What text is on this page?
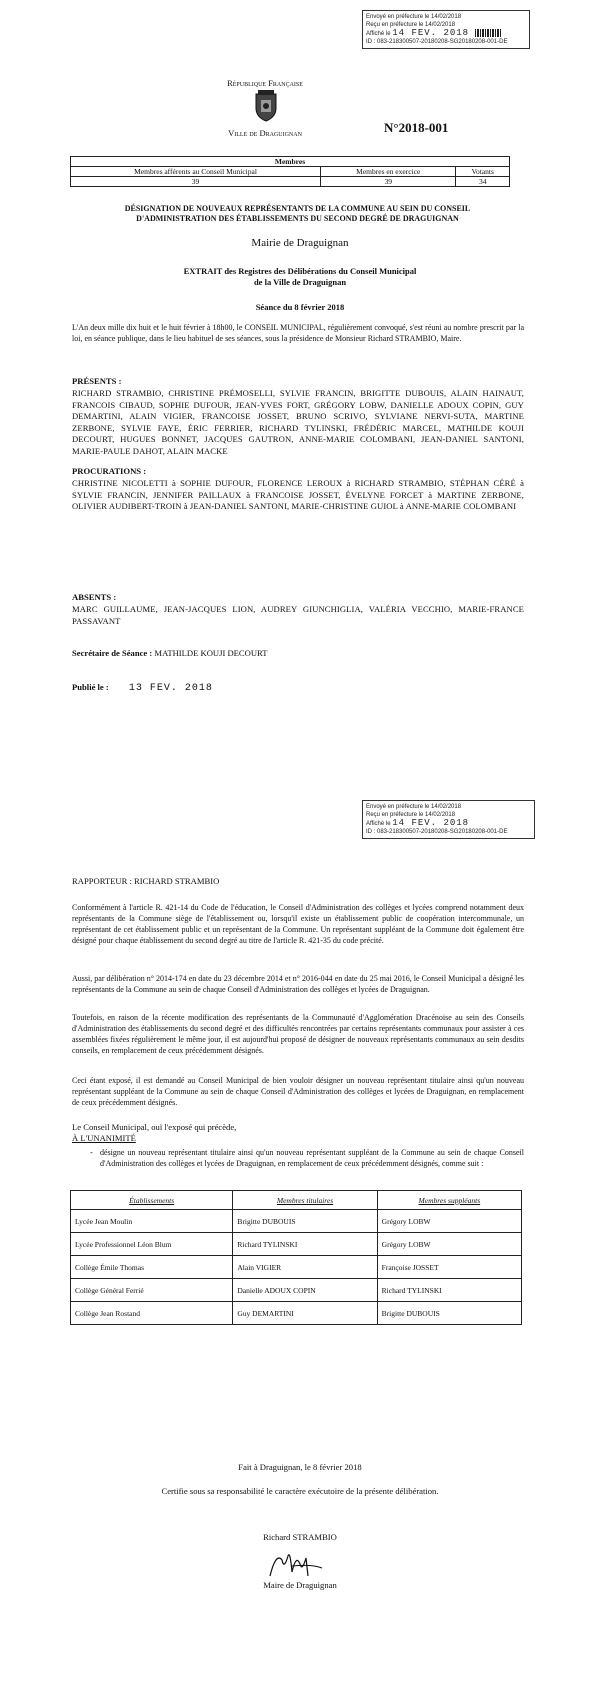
Envoyé en préfecture le 14/02/2018
Reçu en préfecture le 14/02/2018
Affiché le 14 FEV. 2018
ID : 083-218300507-20180208-SG20180208-001-DE
République Française
Ville de Draguignan	N°2018-001
Membres		
Membres afférents au Conseil Municipal	Membres en exercice	Votants
39	39	34
DÉSIGNATION DE NOUVEAUX REPRÉSENTANTS DE LA COMMUNE AU SEIN DU CONSEIL
D'ADMINISTRATION DES ÉTABLISSEMENTS DU SECOND DEGRÉ DE DRAGUIGNAN
Mairie de Draguignan
EXTRAIT des Registres des Délibérations du Conseil Municipal
de la Ville de Draguignan
Séance du 8 février 2018
L'An deux mille dix huit et le huit février à 18h00, le CONSEIL MUNICIPAL, régulièrement convoqué, s'est réuni au nombre prescrit par la loi, en séance publique, dans le lieu habituel de ses séances, sous la présidence de Monsieur Richard STRAMBIO, Maire.
PRÉSENTS :
RICHARD STRAMBIO, CHRISTINE PRÉMOSELLI, SYLVIE FRANCIN, BRIGITTE DUBOUIS, ALAIN HAINAUT, FRANCOIS CIBAUD, SOPHIE DUFOUR, JEAN-YVES FORT, GRÉGORY LOBW, DANIELLE ADOUX COPIN, GUY DEMARTINI, ALAIN VIGIER, FRANCOISE JOSSET, BRUNO SCRIVO, SYLVIANE NERVI-SUTA, MARTINE ZERBONE, SYLVIE FAYE, ÉRIC FERRIER, RICHARD TYLINSKI, FRÉDÉRIC MARCEL, MATHILDE KOUJI DECOURT, HUGUES BONNET, JACQUES GAUTRON, ANNE-MARIE COLOMBANI, JEAN-DANIEL SANTONI, MARIE-PAULE DAHOT, ALAIN MACKE
PROCURATIONS :
CHRISTINE NICOLETTI à SOPHIE DUFOUR, FLORENCE LEROUX à RICHARD STRAMBIO, STÉPHAN CÉRÉ à SYLVIE FRANCIN, JENNIFER PAILLAUX à FRANCOISE JOSSET, ÉVELYNE FORCET à MARTINE ZERBONE, OLIVIER AUDIBERT-TROIN à JEAN-DANIEL SANTONI, MARIE-CHRISTINE GUIOL à ANNE-MARIE COLOMBANI
ABSENTS :
MARC GUILLAUME, JEAN-JACQUES LION, AUDREY GIUNCHIGLIA, VALÉRIA VECCHIO, MARIE-FRANCE PASSAVANT
Secrétaire de Séance : MATHILDE KOUJI DECOURT
Publié le : 13 FEV. 2018
Envoyé en préfecture le 14/02/2018
Reçu en préfecture le 14/02/2018
Affiché le 14 FEV. 2018
ID : 083-218300507-20180208-SG20180208-001-DE
RAPPORTEUR : RICHARD STRAMBIO
Conformément à l'article R. 421-14 du Code de l'éducation, le Conseil d'Administration des collèges et lycées comprend notamment deux représentants de la Commune siège de l'établissement ou, lorsqu'il existe un établissement public de coopération intercommunale, un représentant de cet établissement public et un représentant de la Commune. Un représentant suppléant de la Commune doit également être désigné pour chaque établissement du second degré au titre de l'article R. 421-35 du code précité.
Aussi, par délibération n° 2014-174 en date du 23 décembre 2014 et n° 2016-044 en date du 25 mai 2016, le Conseil Municipal a désigné les représentants de la Commune au sein de chaque Conseil d'Administration des collèges et lycées de Draguignan.
Toutefois, en raison de la récente modification des représentants de la Communauté d'Agglomération Dracénoise au sein des Conseils d'Administration des établissements du second degré et des difficultés rencontrées par certains représentants communaux pour assister à ces assemblées fixées régulièrement le même jour, il est aujourd'hui proposé de désigner de nouveaux représentants communaux au sein desdits conseils, en remplacement de ceux précédemment désignés.
Ceci étant exposé, il est demandé au Conseil Municipal de bien vouloir désigner un nouveau représentant titulaire ainsi qu'un nouveau représentant suppléant de la Commune au sein de chaque Conseil d'Administration des collèges et lycées de Draguignan, en remplacement de ceux précédemment désignés.
Le Conseil Municipal, ouï l'exposé qui précède,
À L'UNANIMITÉ
- désigne un nouveau représentant titulaire ainsi qu'un nouveau représentant suppléant de la Commune au sein de chaque Conseil d'Administration des collèges et lycées de Draguignan, en remplacement de ceux précédemment désignés, comme suit :
Établissements	Membres titulaires	Membres suppléants
Lycée Jean Moulin	Brigitte DUBOUIS	Grégory LOBW
Lycée Professionnel Léon Blum	Richard TYLINSKI	Grégory LOBW
Collège Émile Thomas	Alain VIGIER	Françoise JOSSET
Collège Général Ferrié	Danielle ADOUX COPIN	Richard TYLINSKI
Collège Jean Rostand	Guy DEMARTINI	Brigitte DUBOUIS
Fait à Draguignan, le 8 février 2018
Certifie sous sa responsabilité le caractère exécutoire de la présente délibération.
Richard STRAMBIO
Maire de Draguignan
